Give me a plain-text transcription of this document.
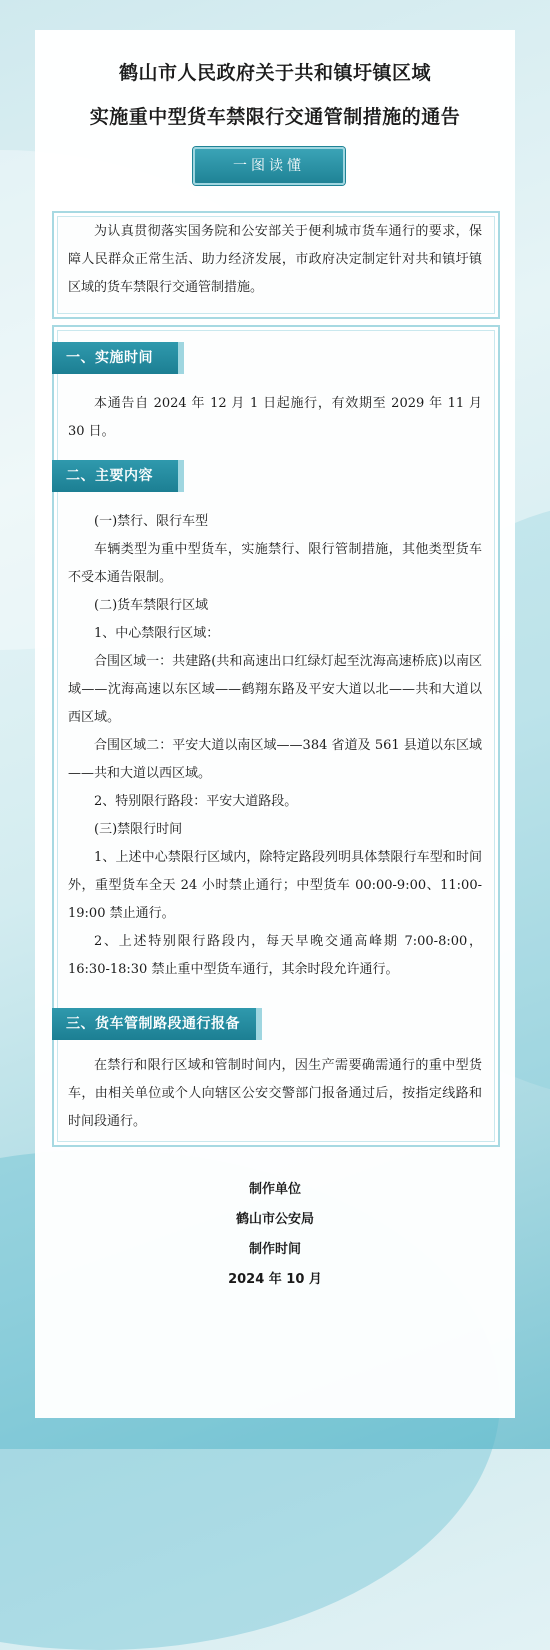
鹤山市人民政府关于共和镇圩镇区域
实施重中型货车禁限行交通管制措施的通告
一图读懂
为认真贯彻落实国务院和公安部关于便利城市货车通行的要求，保障人民群众正常生活、助力经济发展，市政府决定制定针对共和镇圩镇区域的货车禁限行交通管制措施。
一、实施时间
本通告自 2024 年 12 月 1 日起施行，有效期至 2029 年 11 月 30 日。
二、主要内容
(一)禁行、限行车型
车辆类型为重中型货车，实施禁行、限行管制措施，其他类型货车不受本通告限制。
(二)货车禁限行区域
1、中心禁限行区域：
合围区域一：共建路(共和高速出口红绿灯起至沈海高速桥底)以南区域——沈海高速以东区域——鹤翔东路及平安大道以北——共和大道以西区域。
合围区域二：平安大道以南区域——384 省道及 561 县道以东区域——共和大道以西区域。
2、特别限行路段：平安大道路段。
(三)禁限行时间
1、上述中心禁限行区域内，除特定路段列明具体禁限行车型和时间外，重型货车全天 24 小时禁止通行；中型货车 00:00-9:00、11:00-19:00 禁止通行。
2、上述特别限行路段内，每天早晚交通高峰期 7:00-8:00，16:30-18:30 禁止重中型货车通行，其余时段允许通行。
三、货车管制路段通行报备
在禁行和限行区域和管制时间内，因生产需要确需通行的重中型货车，由相关单位或个人向辖区公安交警部门报备通过后，按指定线路和时间段通行。
制作单位
鹤山市公安局
制作时间
2024 年 10 月
